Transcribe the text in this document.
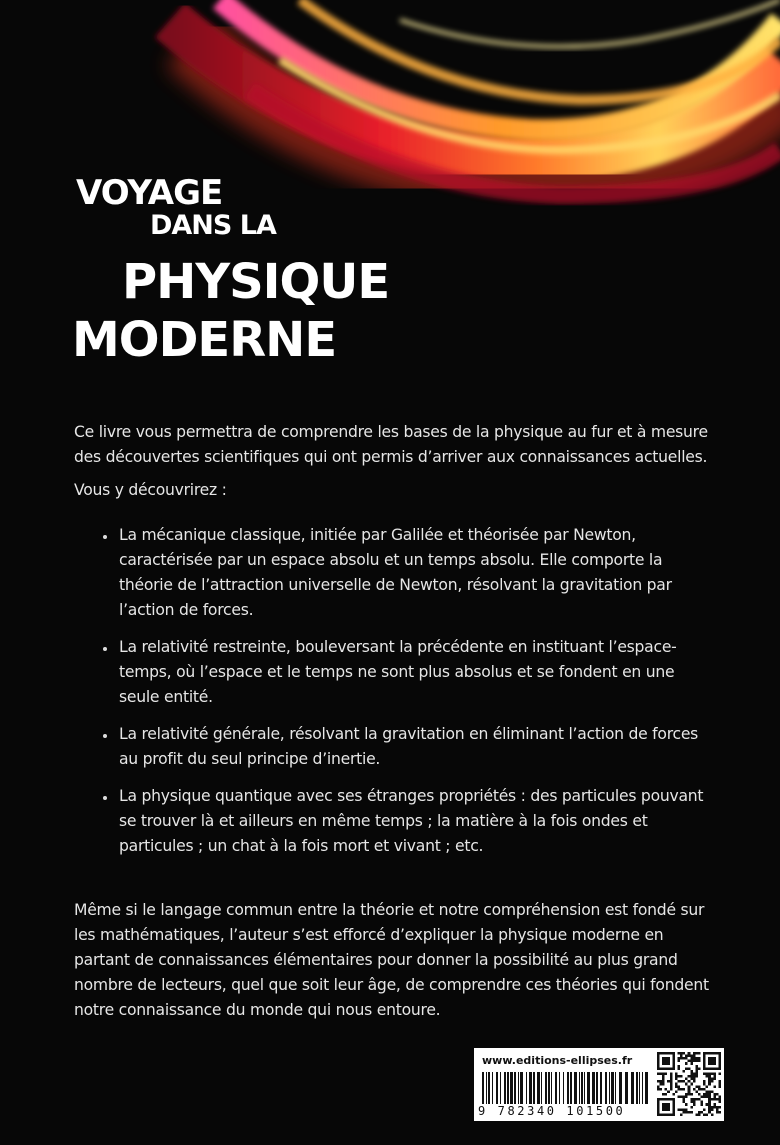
VOYAGE
DANS LA
PHYSIQUE
MODERNE

Ce livre vous permettra de comprendre les bases de la physique au fur et à mesure des découvertes scientifiques qui ont permis d’arriver aux connaissances actuelles.

Vous y découvrirez :

La mécanique classique, initiée par Galilée et théorisée par Newton, caractérisée par un espace absolu et un temps absolu. Elle comporte la théorie de l’attraction universelle de Newton, résolvant la gravitation par l’action de forces.
La relativité restreinte, bouleversant la précédente en instituant l’espace-temps, où l’espace et le temps ne sont plus absolus et se fondent en une seule entité.
La relativité générale, résolvant la gravitation en éliminant l’action de forces au profit du seul principe d’inertie.
La physique quantique avec ses étranges propriétés : des particules pouvant se trouver là et ailleurs en même temps ; la matière à la fois ondes et particules ; un chat à la fois mort et vivant ; etc.

Même si le langage commun entre la théorie et notre compréhension est fondé sur les mathématiques, l’auteur s’est efforcé d’expliquer la physique moderne en partant de connaissances élémentaires pour donner la possibilité au plus grand nombre de lecteurs, quel que soit leur âge, de comprendre ces théories qui fondent notre connaissance du monde qui nous entoure.

www.editions-ellipses.fr
9 782340 101500
